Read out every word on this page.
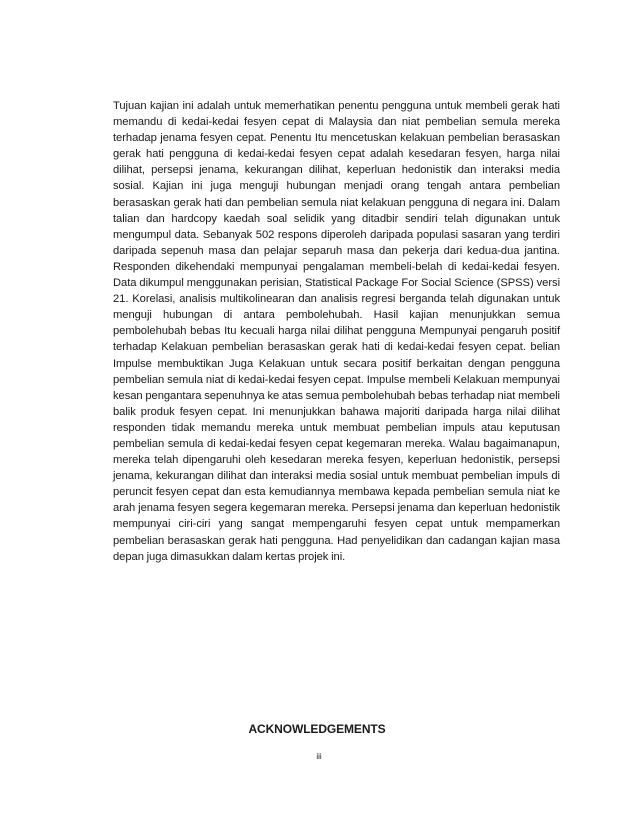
Tujuan kajian ini adalah untuk memerhatikan penentu pengguna untuk membeli gerak hati memandu di kedai-kedai fesyen cepat di Malaysia dan niat pembelian semula mereka terhadap jenama fesyen cepat. Penentu Itu mencetuskan kelakuan pembelian berasaskan gerak hati pengguna di kedai-kedai fesyen cepat adalah kesedaran fesyen, harga nilai dilihat, persepsi jenama, kekurangan dilihat, keperluan hedonistik dan interaksi media sosial. Kajian ini juga menguji hubungan menjadi orang tengah antara pembelian berasaskan gerak hati dan pembelian semula niat kelakuan pengguna di negara ini. Dalam talian dan hardcopy kaedah soal selidik yang ditadbir sendiri telah digunakan untuk mengumpul data. Sebanyak 502 respons diperoleh daripada populasi sasaran yang terdiri daripada sepenuh masa dan pelajar separuh masa dan pekerja dari kedua-dua jantina. Responden dikehendaki mempunyai pengalaman membeli-belah di kedai-kedai fesyen. Data dikumpul menggunakan perisian, Statistical Package For Social Science (SPSS) versi 21. Korelasi, analisis multikolinearan dan analisis regresi berganda telah digunakan untuk menguji hubungan di antara pembolehubah. Hasil kajian menunjukkan semua pembolehubah bebas Itu kecuali harga nilai dilihat pengguna Mempunyai pengaruh positif terhadap Kelakuan pembelian berasaskan gerak hati di kedai-kedai fesyen cepat. belian Impulse membuktikan Juga Kelakuan untuk secara positif berkaitan dengan pengguna pembelian semula niat di kedai-kedai fesyen cepat. Impulse membeli Kelakuan mempunyai kesan pengantara sepenuhnya ke atas semua pembolehubah bebas terhadap niat membeli balik produk fesyen cepat. Ini menunjukkan bahawa majoriti daripada harga nilai dilihat responden tidak memandu mereka untuk membuat pembelian impuls atau keputusan pembelian semula di kedai-kedai fesyen cepat kegemaran mereka. Walau bagaimanapun, mereka telah dipengaruhi oleh kesedaran mereka fesyen, keperluan hedonistik, persepsi jenama, kekurangan dilihat dan interaksi media sosial untuk membuat pembelian impuls di peruncit fesyen cepat dan esta kemudiannya membawa kepada pembelian semula niat ke arah jenama fesyen segera kegemaran mereka. Persepsi jenama dan keperluan hedonistik mempunyai ciri-ciri yang sangat mempengaruhi fesyen cepat untuk mempamerkan pembelian berasaskan gerak hati pengguna. Had penyelidikan dan cadangan kajian masa depan juga dimasukkan dalam kertas projek ini.

ACKNOWLEDGEMENTS

iii
